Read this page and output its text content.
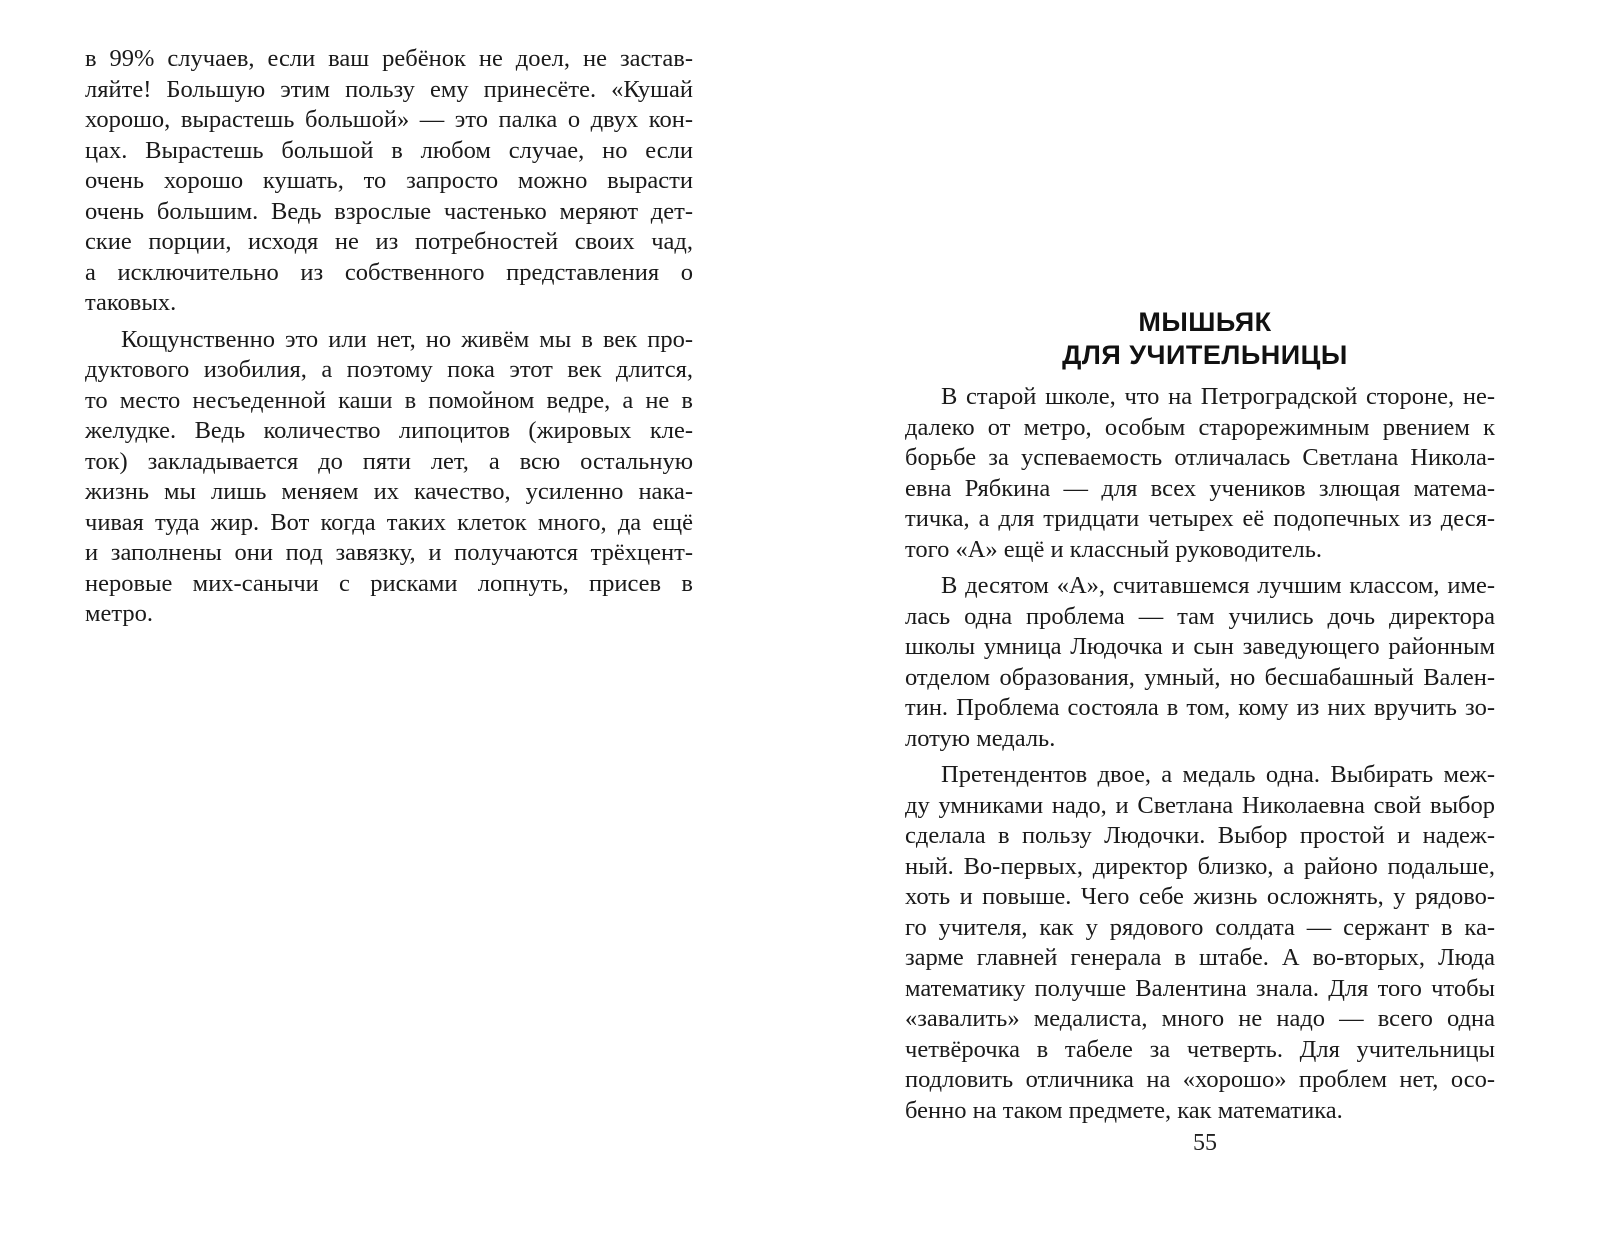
в 99% случаев, если ваш ребёнок не доел, не застав-
ляйте! Большую этим пользу ему принесёте. «Кушай
хорошо, вырастешь большой» — это палка о двух кон-
цах. Вырастешь большой в любом случае, но если
очень хорошо кушать, то запросто можно вырасти
очень большим. Ведь взрослые частенько меряют дет-
ские порции, исходя не из потребностей своих чад,
а исключительно из собственного представления о
таковых.
Кощунственно это или нет, но живём мы в век про-
дуктового изобилия, а поэтому пока этот век длится,
то место несъеденной каши в помойном ведре, а не в
желудке. Ведь количество липоцитов (жировых кле-
ток) закладывается до пяти лет, а всю остальную
жизнь мы лишь меняем их качество, усиленно нака-
чивая туда жир. Вот когда таких клеток много, да ещё
и заполнены они под завязку, и получаются трёхцент-
неровые мих-санычи с рисками лопнуть, присев в
метро.
МЫШЬЯК
ДЛЯ УЧИТЕЛЬНИЦЫ
В старой школе, что на Петроградской стороне, не-
далеко от метро, особым старорежимным рвением к
борьбе за успеваемость отличалась Светлана Никола-
евна Рябкина — для всех учеников злющая матема-
тичка, а для тридцати четырех её подопечных из деся-
того «А» ещё и классный руководитель.
В десятом «А», считавшемся лучшим классом, име-
лась одна проблема — там учились дочь директора
школы умница Людочка и сын заведующего районным
отделом образования, умный, но бесшабашный Вален-
тин. Проблема состояла в том, кому из них вручить зо-
лотую медаль.
Претендентов двое, а медаль одна. Выбирать меж-
ду умниками надо, и Светлана Николаевна свой выбор
сделала в пользу Людочки. Выбор простой и надеж-
ный. Во-первых, директор близко, а районо подальше,
хоть и повыше. Чего себе жизнь осложнять, у рядово-
го учителя, как у рядового солдата — сержант в ка-
зарме главней генерала в штабе. А во-вторых, Люда
математику получше Валентина знала. Для того чтобы
«завалить» медалиста, много не надо — всего одна
четвёрочка в табеле за четверть. Для учительницы
подловить отличника на «хорошо» проблем нет, осо-
бенно на таком предмете, как математика.
55
